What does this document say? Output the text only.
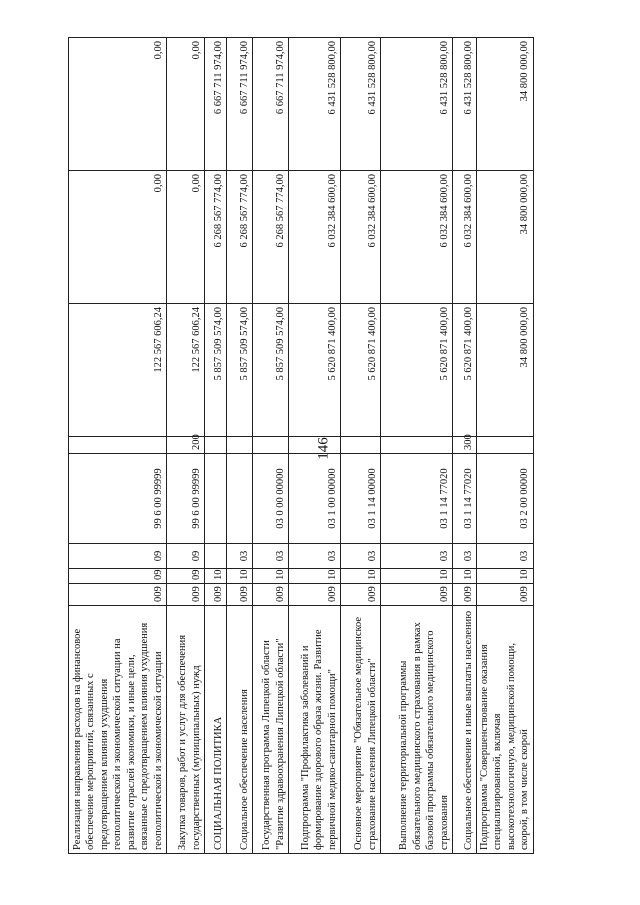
146
Реализация направления расходов на финансовое обеспечение мероприятий, связанных с предотвращением влияния ухудшения геополитической и экономической ситуации на развитие отраслей экономики, и иные цели, связанные с предотвращением влияния ухудшения геополитической и экономической ситуации	009	09	09	99 6 00 99999		122 567 606,24	0,00	0,00
Закупка товаров, работ и услуг для обеспечения государственных (муниципальных) нужд	009	09	09	99 6 00 99999	200	122 567 606,24	0,00	0,00
СОЦИАЛЬНАЯ ПОЛИТИКА	009	10				5 857 509 574,00	6 268 567 774,00	6 667 711 974,00
Социальное обеспечение населения	009	10	03			5 857 509 574,00	6 268 567 774,00	6 667 711 974,00
Государственная программа Липецкой области "Развитие здравоохранения Липецкой области"	009	10	03	03 0 00 00000		5 857 509 574,00	6 268 567 774,00	6 667 711 974,00
Подпрограмма "Профилактика заболеваний и формирование здорового образа жизни. Развитие первичной медико-санитарной помощи"	009	10	03	03 1 00 00000		5 620 871 400,00	6 032 384 600,00	6 431 528 800,00
Основное мероприятие "Обязательное медицинское страхование населения Липецкой области"	009	10	03	03 1 14 00000		5 620 871 400,00	6 032 384 600,00	6 431 528 800,00
Выполнение территориальной программы обязательного медицинского страхования в рамках базовой программы обязательного медицинского страхования	009	10	03	03 1 14 77020		5 620 871 400,00	6 032 384 600,00	6 431 528 800,00
Социальное обеспечение и иные выплаты населению	009	10	03	03 1 14 77020	300	5 620 871 400,00	6 032 384 600,00	6 431 528 800,00
Подпрограмма "Совершенствование оказания специализированной, включая высокотехнологичную, медицинской помощи, скорой, в том числе скорой	009	10	03	03 2 00 00000		34 800 000,00	34 800 000,00	34 800 000,00
